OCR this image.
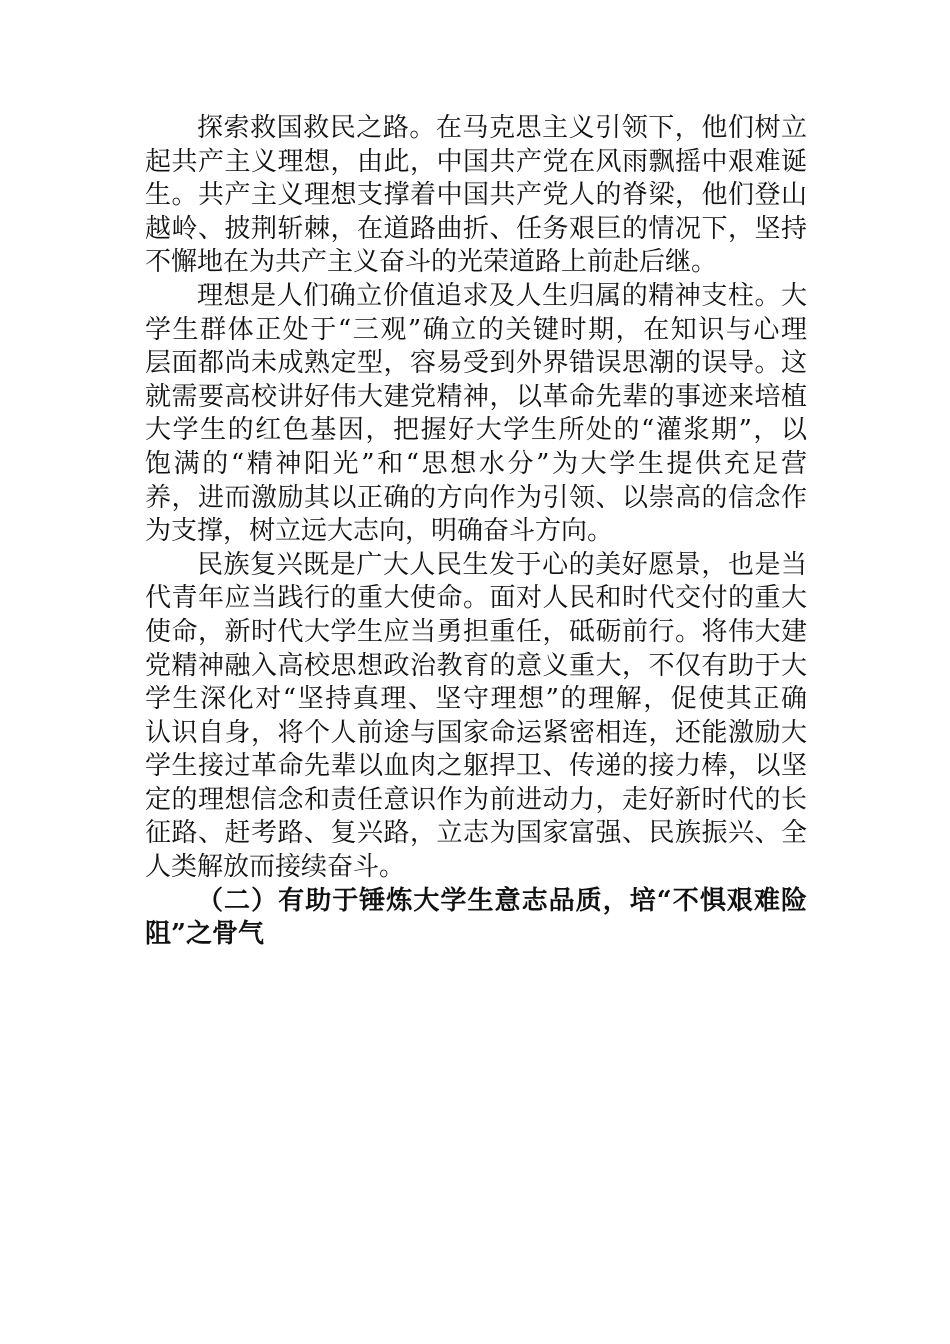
探索救国救民之路。在马克思主义引领下，他们树立
起共产主义理想，由此，中国共产党在风雨飘摇中艰难诞
生。共产主义理想支撑着中国共产党人的脊梁，他们登山
越岭、披荆斩棘，在道路曲折、任务艰巨的情况下，坚持
不懈地在为共产主义奋斗的光荣道路上前赴后继。
理想是人们确立价值追求及人生归属的精神支柱。大
学生群体正处于“三观”确立的关键时期，在知识与心理
层面都尚未成熟定型，容易受到外界错误思潮的误导。这
就需要高校讲好伟大建党精神，以革命先辈的事迹来培植
大学生的红色基因，把握好大学生所处的“灌浆期”，以
饱满的“精神阳光”和“思想水分”为大学生提供充足营
养，进而激励其以正确的方向作为引领、以崇高的信念作
为支撑，树立远大志向，明确奋斗方向。
民族复兴既是广大人民生发于心的美好愿景，也是当
代青年应当践行的重大使命。面对人民和时代交付的重大
使命，新时代大学生应当勇担重任，砥砺前行。将伟大建
党精神融入高校思想政治教育的意义重大，不仅有助于大
学生深化对“坚持真理、坚守理想”的理解，促使其正确
认识自身，将个人前途与国家命运紧密相连，还能激励大
学生接过革命先辈以血肉之躯捍卫、传递的接力棒，以坚
定的理想信念和责任意识作为前进动力，走好新时代的长
征路、赶考路、复兴路，立志为国家富强、民族振兴、全
人类解放而接续奋斗。
（二）有助于锤炼大学生意志品质，培“不惧艰难险
阻”之骨气
